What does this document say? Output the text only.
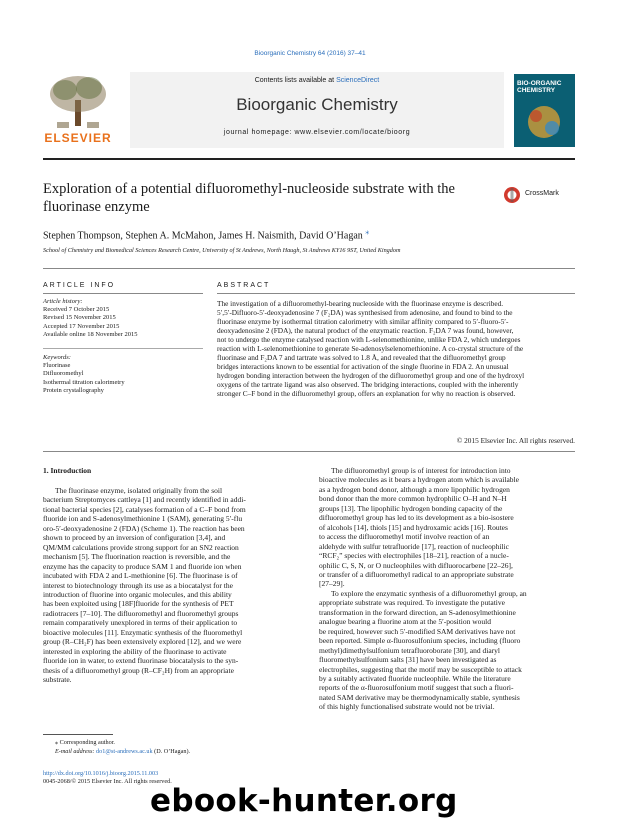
Bioorganic Chemistry 64 (2016) 37–41
ELSEVIER
Contents lists available at ScienceDirect
Bioorganic Chemistry
journal homepage: www.elsevier.com/locate/bioorg
BIO-ORGANIC CHEMISTRY
Exploration of a potential difluoromethyl-nucleoside substrate with the fluorinase enzyme
CrossMark
Stephen Thompson, Stephen A. McMahon, James H. Naismith, David O’Hagan ⁎
School of Chemistry and Biomedical Sciences Research Centre, University of St Andrews, North Haugh, St Andrews KY16 9ST, United Kingdom
ARTICLE INFO	ABSTRACT
Article history:
Received 7 October 2015
Revised 15 November 2015
Accepted 17 November 2015
Available online 18 November 2015
Keywords:
Fluorinase
Difluoromethyl
Isothermal titration calorimetry
Protein crystallography
The investigation of a difluoromethyl-bearing nucleoside with the fluorinase enzyme is described.
5′,5′-Difluoro-5′-deoxyadenosine 7 (F₂DA) was synthesised from adenosine, and found to bind to the
fluorinase enzyme by isothermal titration calorimetry with similar affinity compared to 5′-fluoro-5′-
deoxyadenosine 2 (FDA), the natural product of the enzymatic reaction. F₂DA 7 was found, however,
not to undergo the enzyme catalysed reaction with L-selenomethionine, unlike FDA 2, which undergoes
reaction with L-selenomethionine to generate Se-adenosylselenomethionine. A co-crystal structure of the
fluorinase and F₂DA 7 and tartrate was solved to 1.8 Å, and revealed that the difluoromethyl group
bridges interactions known to be essential for activation of the single fluorine in FDA 2. An unusual
hydrogen bonding interaction between the hydrogen of the difluoromethyl group and one of the hydroxyl
oxygens of the tartrate ligand was also observed. The bridging interactions, coupled with the inherently
stronger C–F bond in the difluoromethyl group, offers an explanation for why no reaction is observed.
© 2015 Elsevier Inc. All rights reserved.
1. Introduction
The fluorinase enzyme, isolated originally from the soil
bacterium Streptomyces cattleya [1] and recently identified in addi-
tional bacterial species [2], catalyses formation of a C–F bond from
fluoride ion and S-adenosylmethionine 1 (SAM), generating 5′-flu
oro-5′-deoxyadenosine 2 (FDA) (Scheme 1). The reaction has been
shown to proceed by an inversion of configuration [3,4], and
QM/MM calculations provide strong support for an SN2 reaction
mechanism [5]. The fluorination reaction is reversible, and the
enzyme has the capacity to produce SAM 1 and fluoride ion when
incubated with FDA 2 and L-methionine [6]. The fluorinase is of
interest to biotechnology through its use as a biocatalyst for the
introduction of fluorine into organic molecules, and this ability
has been exploited using [18F]fluoride for the synthesis of PET
radiotracers [7–10]. The difluoromethyl and fluoromethyl groups
remain comparatively unexplored in terms of their application to
bioactive molecules [11]. Enzymatic synthesis of the fluoromethyl
group (R–CH₂F) has been extensively explored [12], and we were
interested in exploring the ability of the fluorinase to activate
fluoride ion in water, to extend fluorinase biocatalysis to the syn-
thesis of a difluoromethyl group (R–CF₂H) from an appropriate
substrate.
The difluoromethyl group is of interest for introduction into
bioactive molecules as it bears a hydrogen atom which is available
as a hydrogen bond donor, although a more lipophilic hydrogen
bond donor than the more common hydrophilic O–H and N–H
groups [13]. The lipophilic hydrogen bonding capacity of the
difluoromethyl group has led to its development as a bio-isostere
of alcohols [14], thiols [15] and hydroxamic acids [16]. Routes
to access the difluoromethyl motif involve reaction of an
aldehyde with sulfur tetrafluoride [17], reaction of nucleophilic
“RCF₂” species with electrophiles [18–21], reaction of a nucle-
ophilic C, S, N, or O nucleophiles with difluorocarbene [22–26],
or transfer of a difluoromethyl radical to an appropriate substrate
[27–29].
To explore the enzymatic synthesis of a difluoromethyl group, an
appropriate substrate was required. To investigate the putative
transformation in the forward direction, an S-adenosylmethionine
analogue bearing a fluorine atom at the 5′-position would
be required, however such 5′-modified SAM derivatives have not
been reported. Simple α-fluorosulfonium species, including (fluoro
methyl)dimethylsulfonium tetrafluoroborate [30], and diaryl
fluoromethylsulfonium salts [31] have been investigated as
electrophiles, suggesting that the motif may be susceptible to attack
by a suitably activated fluoride nucleophile. While the literature
reports of the α-fluorosulfonium motif suggest that such a fluori-
nated SAM derivative may be thermodynamically stable, synthesis
of this highly functionalised substrate would not be trivial.
⁎ Corresponding author.
E-mail address: do1@st-andrews.ac.uk (D. O’Hagan).
http://dx.doi.org/10.1016/j.bioorg.2015.11.003
0045-2068/© 2015 Elsevier Inc. All rights reserved.
ebook-hunter.org
